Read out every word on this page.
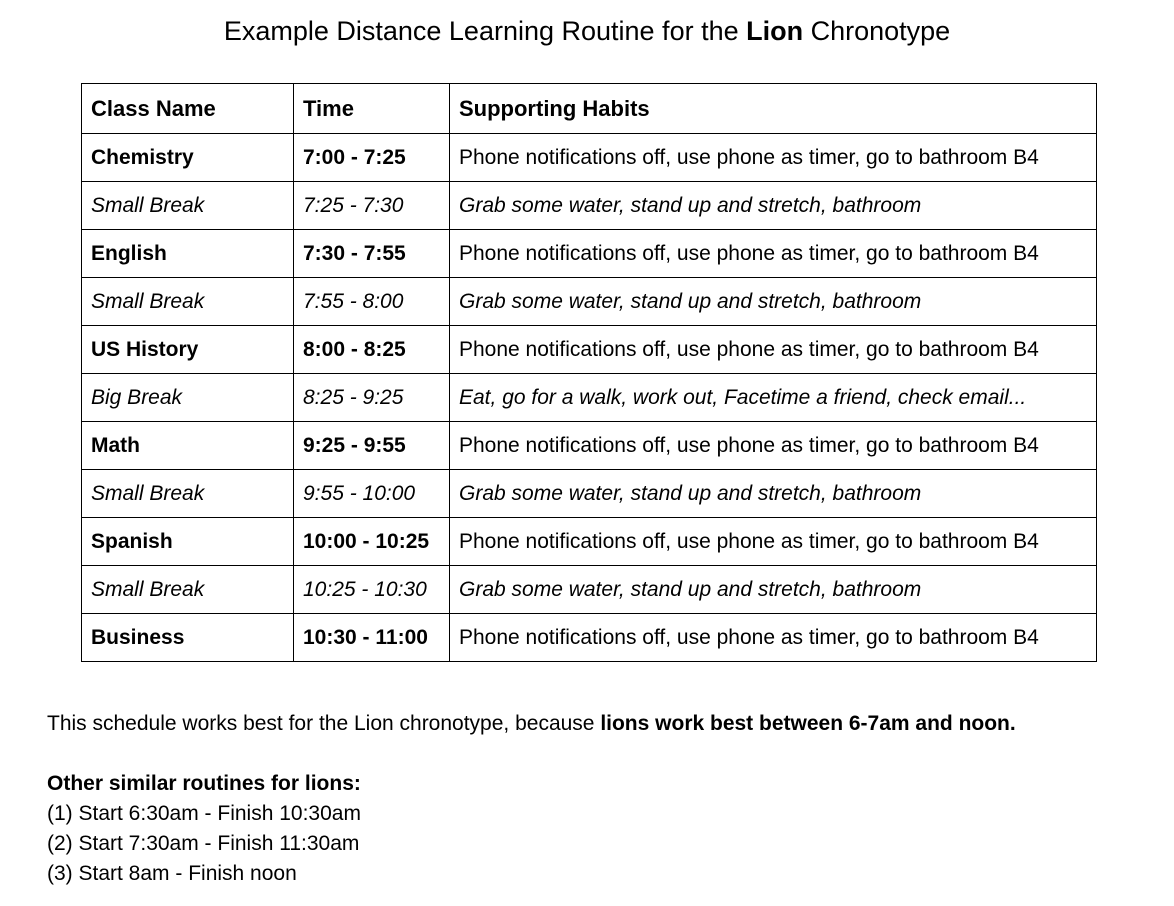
Example Distance Learning Routine for the Lion Chronotype
Class Name	Time	Supporting Habits
Chemistry	7:00 - 7:25	Phone notifications off, use phone as timer, go to bathroom B4
Small Break	7:25 - 7:30	Grab some water, stand up and stretch, bathroom
English	7:30 - 7:55	Phone notifications off, use phone as timer, go to bathroom B4
Small Break	7:55 - 8:00	Grab some water, stand up and stretch, bathroom
US History	8:00 - 8:25	Phone notifications off, use phone as timer, go to bathroom B4
Big Break	8:25 - 9:25	Eat, go for a walk, work out, Facetime a friend, check email...
Math	9:25 - 9:55	Phone notifications off, use phone as timer, go to bathroom B4
Small Break	9:55 - 10:00	Grab some water, stand up and stretch, bathroom
Spanish	10:00 - 10:25	Phone notifications off, use phone as timer, go to bathroom B4
Small Break	10:25 - 10:30	Grab some water, stand up and stretch, bathroom
Business	10:30 - 11:00	Phone notifications off, use phone as timer, go to bathroom B4
This schedule works best for the Lion chronotype, because lions work best between 6-7am and noon.
Other similar routines for lions:
(1) Start 6:30am - Finish 10:30am
(2) Start 7:30am - Finish 11:30am
(3) Start 8am - Finish noon
